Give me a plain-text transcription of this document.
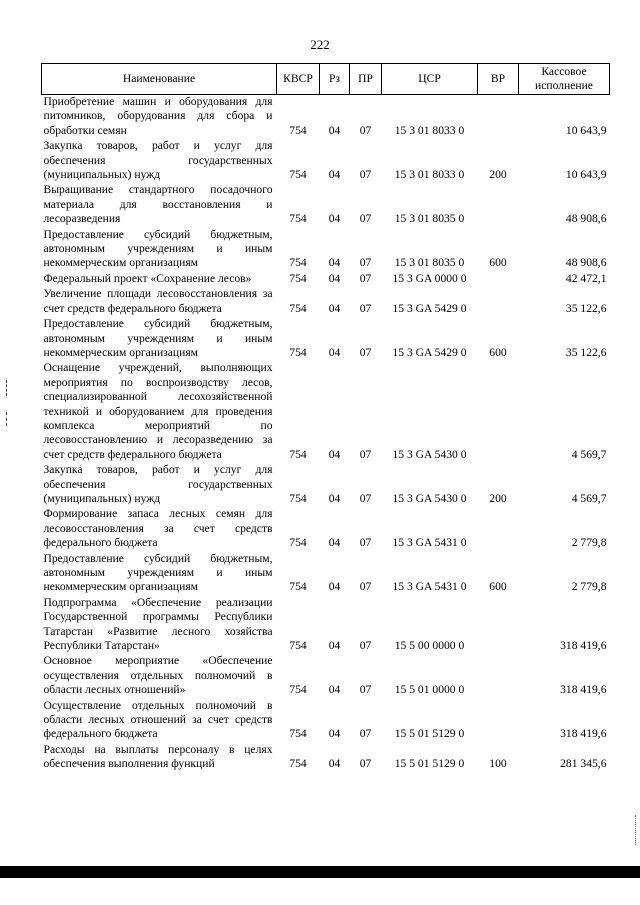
222
Наименование	КВСР	Рз	ПР	ЦСР	ВР	Кассовое исполнение
Приобретение машин и оборудования для питомников, оборудования для сбора и обработки семян	754	04	07	15 3 01 8033 0		10 643,9
Закупка товаров, работ и услуг для обеспечения государственных (муниципальных) нужд	754	04	07	15 3 01 8033 0	200	10 643,9
Выращивание стандартного посадочного материала для восстановления и лесоразведения	754	04	07	15 3 01 8035 0		48 908,6
Предоставление субсидий бюджетным, автономным учреждениям и иным некоммерческим организациям	754	04	07	15 3 01 8035 0	600	48 908,6
Федеральный проект «Сохранение лесов»	754	04	07	15 3 GA 0000 0		42 472,1
Увеличение площади лесовосстановления за счет средств федерального бюджета	754	04	07	15 3 GA 5429 0		35 122,6
Предоставление субсидий бюджетным, автономным учреждениям и иным некоммерческим организациям	754	04	07	15 3 GA 5429 0	600	35 122,6
Оснащение учреждений, выполняющих мероприятия по воспроизводству лесов, специализированной лесохозяйственной техникой и оборудованием для проведения комплекса мероприятий по лесовосстановлению и лесоразведению за счет средств федерального бюджета	754	04	07	15 3 GA 5430 0		4 569,7
Закупка товаров, работ и услуг для обеспечения государственных (муниципальных) нужд	754	04	07	15 3 GA 5430 0	200	4 569,7
Формирование запаса лесных семян для лесовосстановления за счет средств федерального бюджета	754	04	07	15 3 GA 5431 0		2 779,8
Предоставление субсидий бюджетным, автономным учреждениям и иным некоммерческим организациям	754	04	07	15 3 GA 5431 0	600	2 779,8
Подпрограмма «Обеспечение реализации Государственной программы Республики Татарстан «Развитие лесного хозяйства Республики Татарстан»	754	04	07	15 5 00 0000 0		318 419,6
Основное мероприятие «Обеспечение осуществления отдельных полномочий в области лесных отношений»	754	04	07	15 5 01 0000 0		318 419,6
Осуществление отдельных полномочий в области лесных отношений за счет средств федерального бюджета	754	04	07	15 5 01 5129 0		318 419,6
Расходы на выплаты персоналу в целях обеспечения выполнения функций	754	04	07	15 5 01 5129 0	100	281 345,6
